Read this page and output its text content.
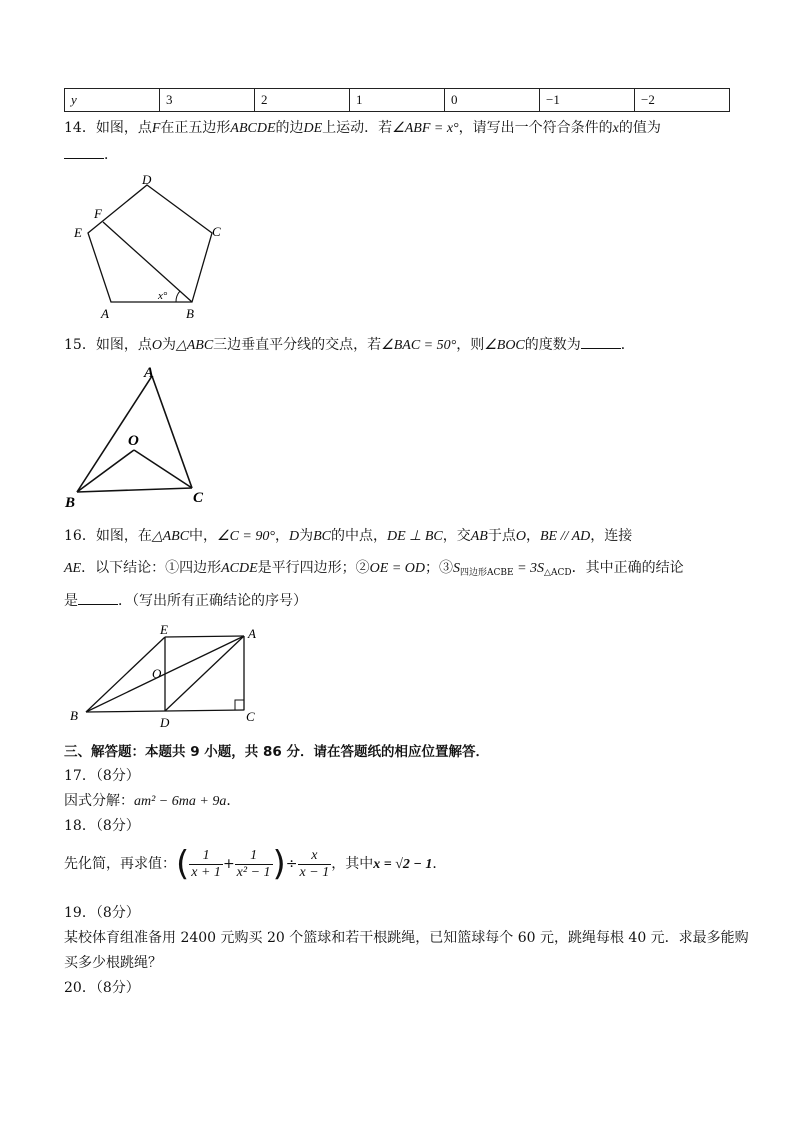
y	3	2	1	0	−1	−2
14．如图，点F在正五边形ABCDE的边DE上运动．若∠ABF = x°，请写出一个符合条件的x的值为
．
D
F
E	C
A	B
x°
15．如图，点O为△ABC三边垂直平分线的交点，若∠BAC = 50°，则∠BOC的度数为	．
A
O
B	C
16．如图，在△ABC中，∠C = 90°，D为BC的中点，DE ⊥ BC，交AB于点O，BE // AD，连接
AE．以下结论：①四边形ACDE是平行四边形；②OE = OD；$③S_{四边形ACBE} = 3S_{\triangle ACD}$．其中正确的结论
是	．（写出所有正确结论的序号）
E	A
O
B	D	C
三、解答题：本题共 9 小题，共 86 分．请在答题纸的相应位置解答．
17．（8分）
因式分解：am² − 6ma + 9a．
18．（8分）
先化简，再求值：( $\frac{1}{x + 1} + \frac{1}{\text{x² − 1}}$ )÷ $\frac{x}{x - 1}$ ，其中x = √2 − 1．
19．（8分）
某校体育组准备用 2400 元购买 20 个篮球和若干根跳绳，已知篮球每个 60 元，跳绳每根 40 元．求最多能购
买多少根跳绳？
20．（8分）
